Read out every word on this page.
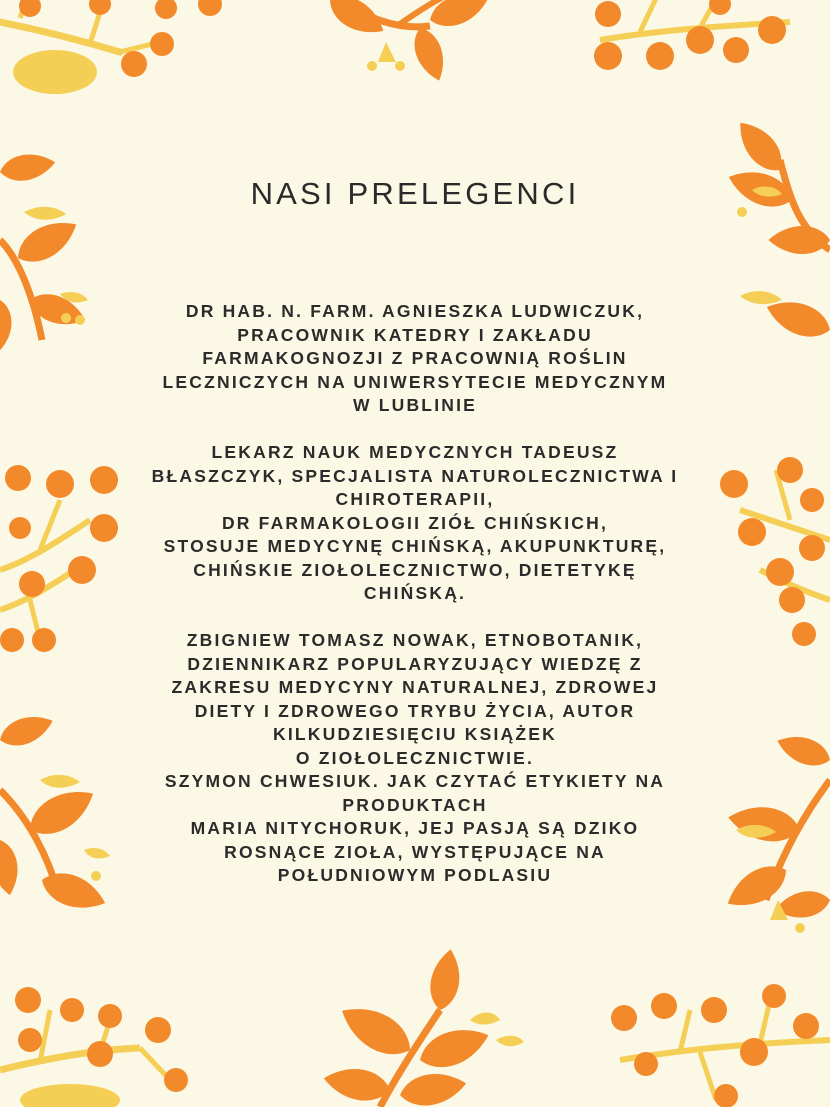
NASI PRELEGENCI

DR HAB. N. FARM. AGNIESZKA LUDWICZUK,

PRACOWNIK KATEDRY I ZAKŁADU

FARMAKOGNOZJI Z PRACOWNIĄ ROŚLIN

LECZNICZYCH NA UNIWERSYTECIE MEDYCZNYM

W LUBLINIE

LEKARZ NAUK MEDYCZNYCH TADEUSZ

BŁASZCZYK, SPECJALISTA NATUROLECZNICTWA I

CHIROTERAPII,

DR FARMAKOLOGII ZIÓŁ CHIŃSKICH,

STOSUJE MEDYCYNĘ CHIŃSKĄ, AKUPUNKTURĘ,

CHIŃSKIE ZIOŁOLECZNICTWO, DIETETYKĘ

CHIŃSKĄ.

ZBIGNIEW TOMASZ NOWAK, ETNOBOTANIK,

DZIENNIKARZ POPULARYZUJĄCY WIEDZĘ Z

ZAKRESU MEDYCYNY NATURALNEJ, ZDROWEJ

DIETY I ZDROWEGO TRYBU ŻYCIA, AUTOR

KILKUDZIESIĘCIU KSIĄŻEK

O ZIOŁOLECZNICTWIE.

SZYMON CHWESIUK. JAK CZYTAĆ ETYKIETY NA

PRODUKTACH

MARIA NITYCHORUK, JEJ PASJĄ SĄ DZIKO

ROSNĄCE ZIOŁA, WYSTĘPUJĄCE NA

POŁUDNIOWYM PODLASIU
